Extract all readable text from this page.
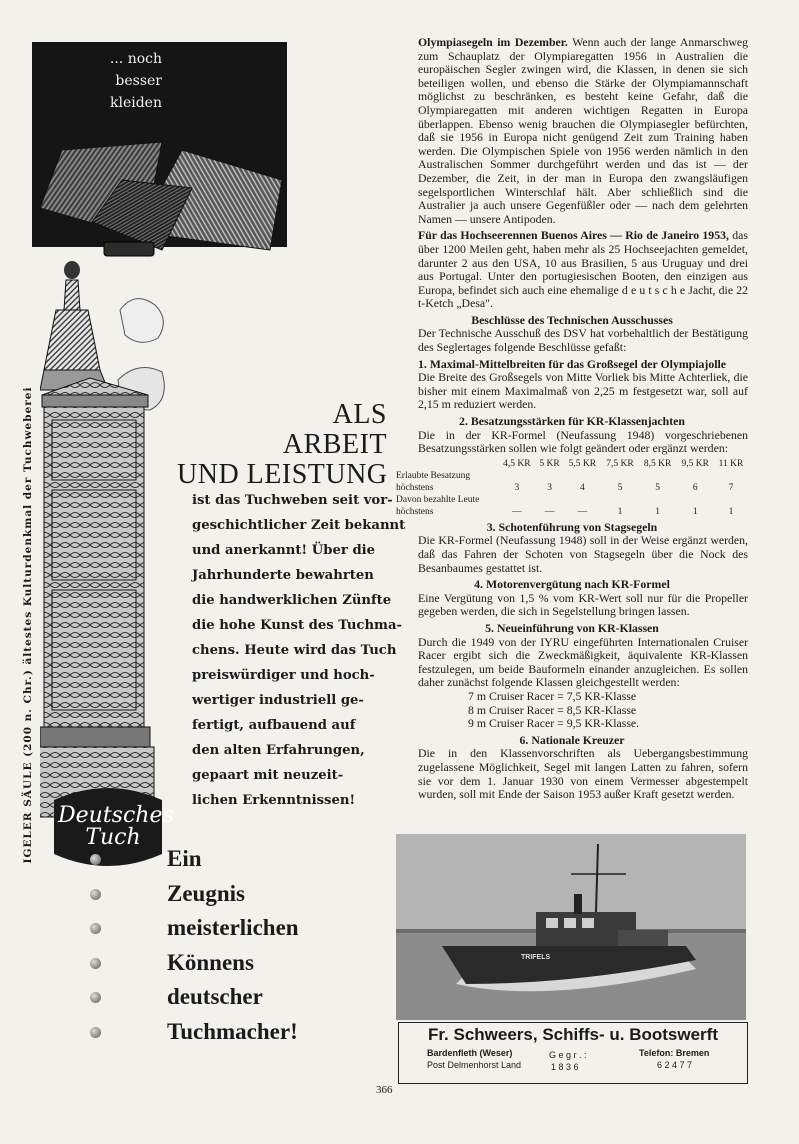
... noch
besser
kleiden
IGELER SÄULE (200 n. Chr.) ältestes Kulturdenkmal der Tuchweberei Deutsches
Tuch
ALS
ARBEIT
UND LEISTUNG
ist das Tuchweben seit vor-
geschichtlicher Zeit bekannt
und anerkannt! Über die
Jahrhunderte bewahrten
die handwerklichen Zünfte
die hohe Kunst des Tuchma-
chens. Heute wird das Tuch
preiswürdiger und hoch-
wertiger industriell ge-
fertigt, aufbauend auf
den alten Erfahrungen,
gepaart mit neuzeit-
lichen Erkenntnissen!
Ein
Zeugnis
meisterlichen
Könnens
deutscher
Tuchmacher!

Olympiasegeln im Dezember. Wenn auch der lange Anmarschweg zum Schauplatz der Olympiaregatten 1956 in Australien die europäischen Segler zwingen wird, die Klassen, in denen sie sich beteiligen wollen, und ebenso die Stärke der Olympiamannschaft möglichst zu beschränken, es besteht keine Gefahr, daß die Olympiaregatten mit anderen wichtigen Regatten in Europa überlappen. Ebenso wenig brauchen die Olympiasegler befürchten, daß sie 1956 in Europa nicht genügend Zeit zum Training haben werden. Die Olympischen Spiele von 1956 werden nämlich in den Australischen Sommer durchgeführt werden und das ist — der Dezember, die Zeit, in der man in Europa den zwangsläufigen segelsportlichen Winterschlaf hält. Aber schließlich sind die Australier ja auch unsere Gegenfüßler oder — nach dem gelehrten Namen — unsere Antipoden.

Für das Hochseerennen Buenos Aires — Rio de Janeiro 1953, das über 1200 Meilen geht, haben mehr als 25 Hochseejachten gemeldet, darunter 2 aus den USA, 10 aus Brasilien, 5 aus Uruguay und drei aus Portugal. Unter den portugiesischen Booten, den einzigen aus Europa, befindet sich auch eine ehemalige d e u t s c h e Jacht, die 22 t-Ketch „Desa".

Beschlüsse des Technischen Ausschusses

Der Technische Ausschuß des DSV hat vorbehaltlich der Bestätigung des Seglertages folgende Beschlüsse gefaßt:

1. Maximal-Mittelbreiten für das Großsegel der Olympiajolle

Die Breite des Großsegels von Mitte Vorliek bis Mitte Achterliek, die bisher mit einem Maximalmaß von 2,25 m festgesetzt war, soll auf 2,15 m reduziert werden.

2. Besatzungsstärken für KR-Klassenjachten

Die in der KR-Formel (Neufassung 1948) vorgeschriebenen Besatzungsstärken sollen wie folgt geändert oder ergänzt werden:

	4,5 KR	5 KR	5,5 KR	7,5 KR	8,5 KR	9,5 KR	11 KR
Erlaubte Besatzung							
höchstens	3	3	4	5	5	6	7
Davon bezahlte Leute							
höchstens	—	—	—	1	1	1	1

3. Schotenführung von Stagsegeln

Die KR-Formel (Neufassung 1948) soll in der Weise ergänzt werden, daß das Fahren der Schoten von Stagsegeln über die Nock des Besanbaumes gestattet ist.

4. Motorenvergütung nach KR-Formel

Eine Vergütung von 1,5 % vom KR-Wert soll nur für die Propeller gegeben werden, die sich in Segelstellung bringen lassen.

5. Neueinführung von KR-Klassen

Durch die 1949 von der IYRU eingeführten Internationalen Cruiser Racer ergibt sich die Zweckmäßigkeit, äquivalente KR-Klassen festzulegen, um beide Bauformeln einander anzugleichen. Es sollen daher zunächst folgende Klassen gleichgestellt werden:

7 m Cruiser Racer = 7,5 KR-Klasse
8 m Cruiser Racer = 8,5 KR-Klasse
9 m Cruiser Racer = 9,5 KR-Klasse.

6. Nationale Kreuzer

Die in den Klassenvorschriften als Uebergangsbestimmung zugelassene Möglichkeit, Segel mit langen Latten zu fahren, sofern sie vor dem 1. Januar 1930 von einem Vermesser abgestempelt wurden, soll mit Ende der Saison 1953 außer Kraft gesetzt werden.

TRIFELS
Fr. Schweers, Schiffs- u. Bootswerft
Bardenfleth (Weser)
Post Delmenhorst Land
G e g r . :
1 8 3 6
Telefon: Bremen
6 2 4 7 7
366
